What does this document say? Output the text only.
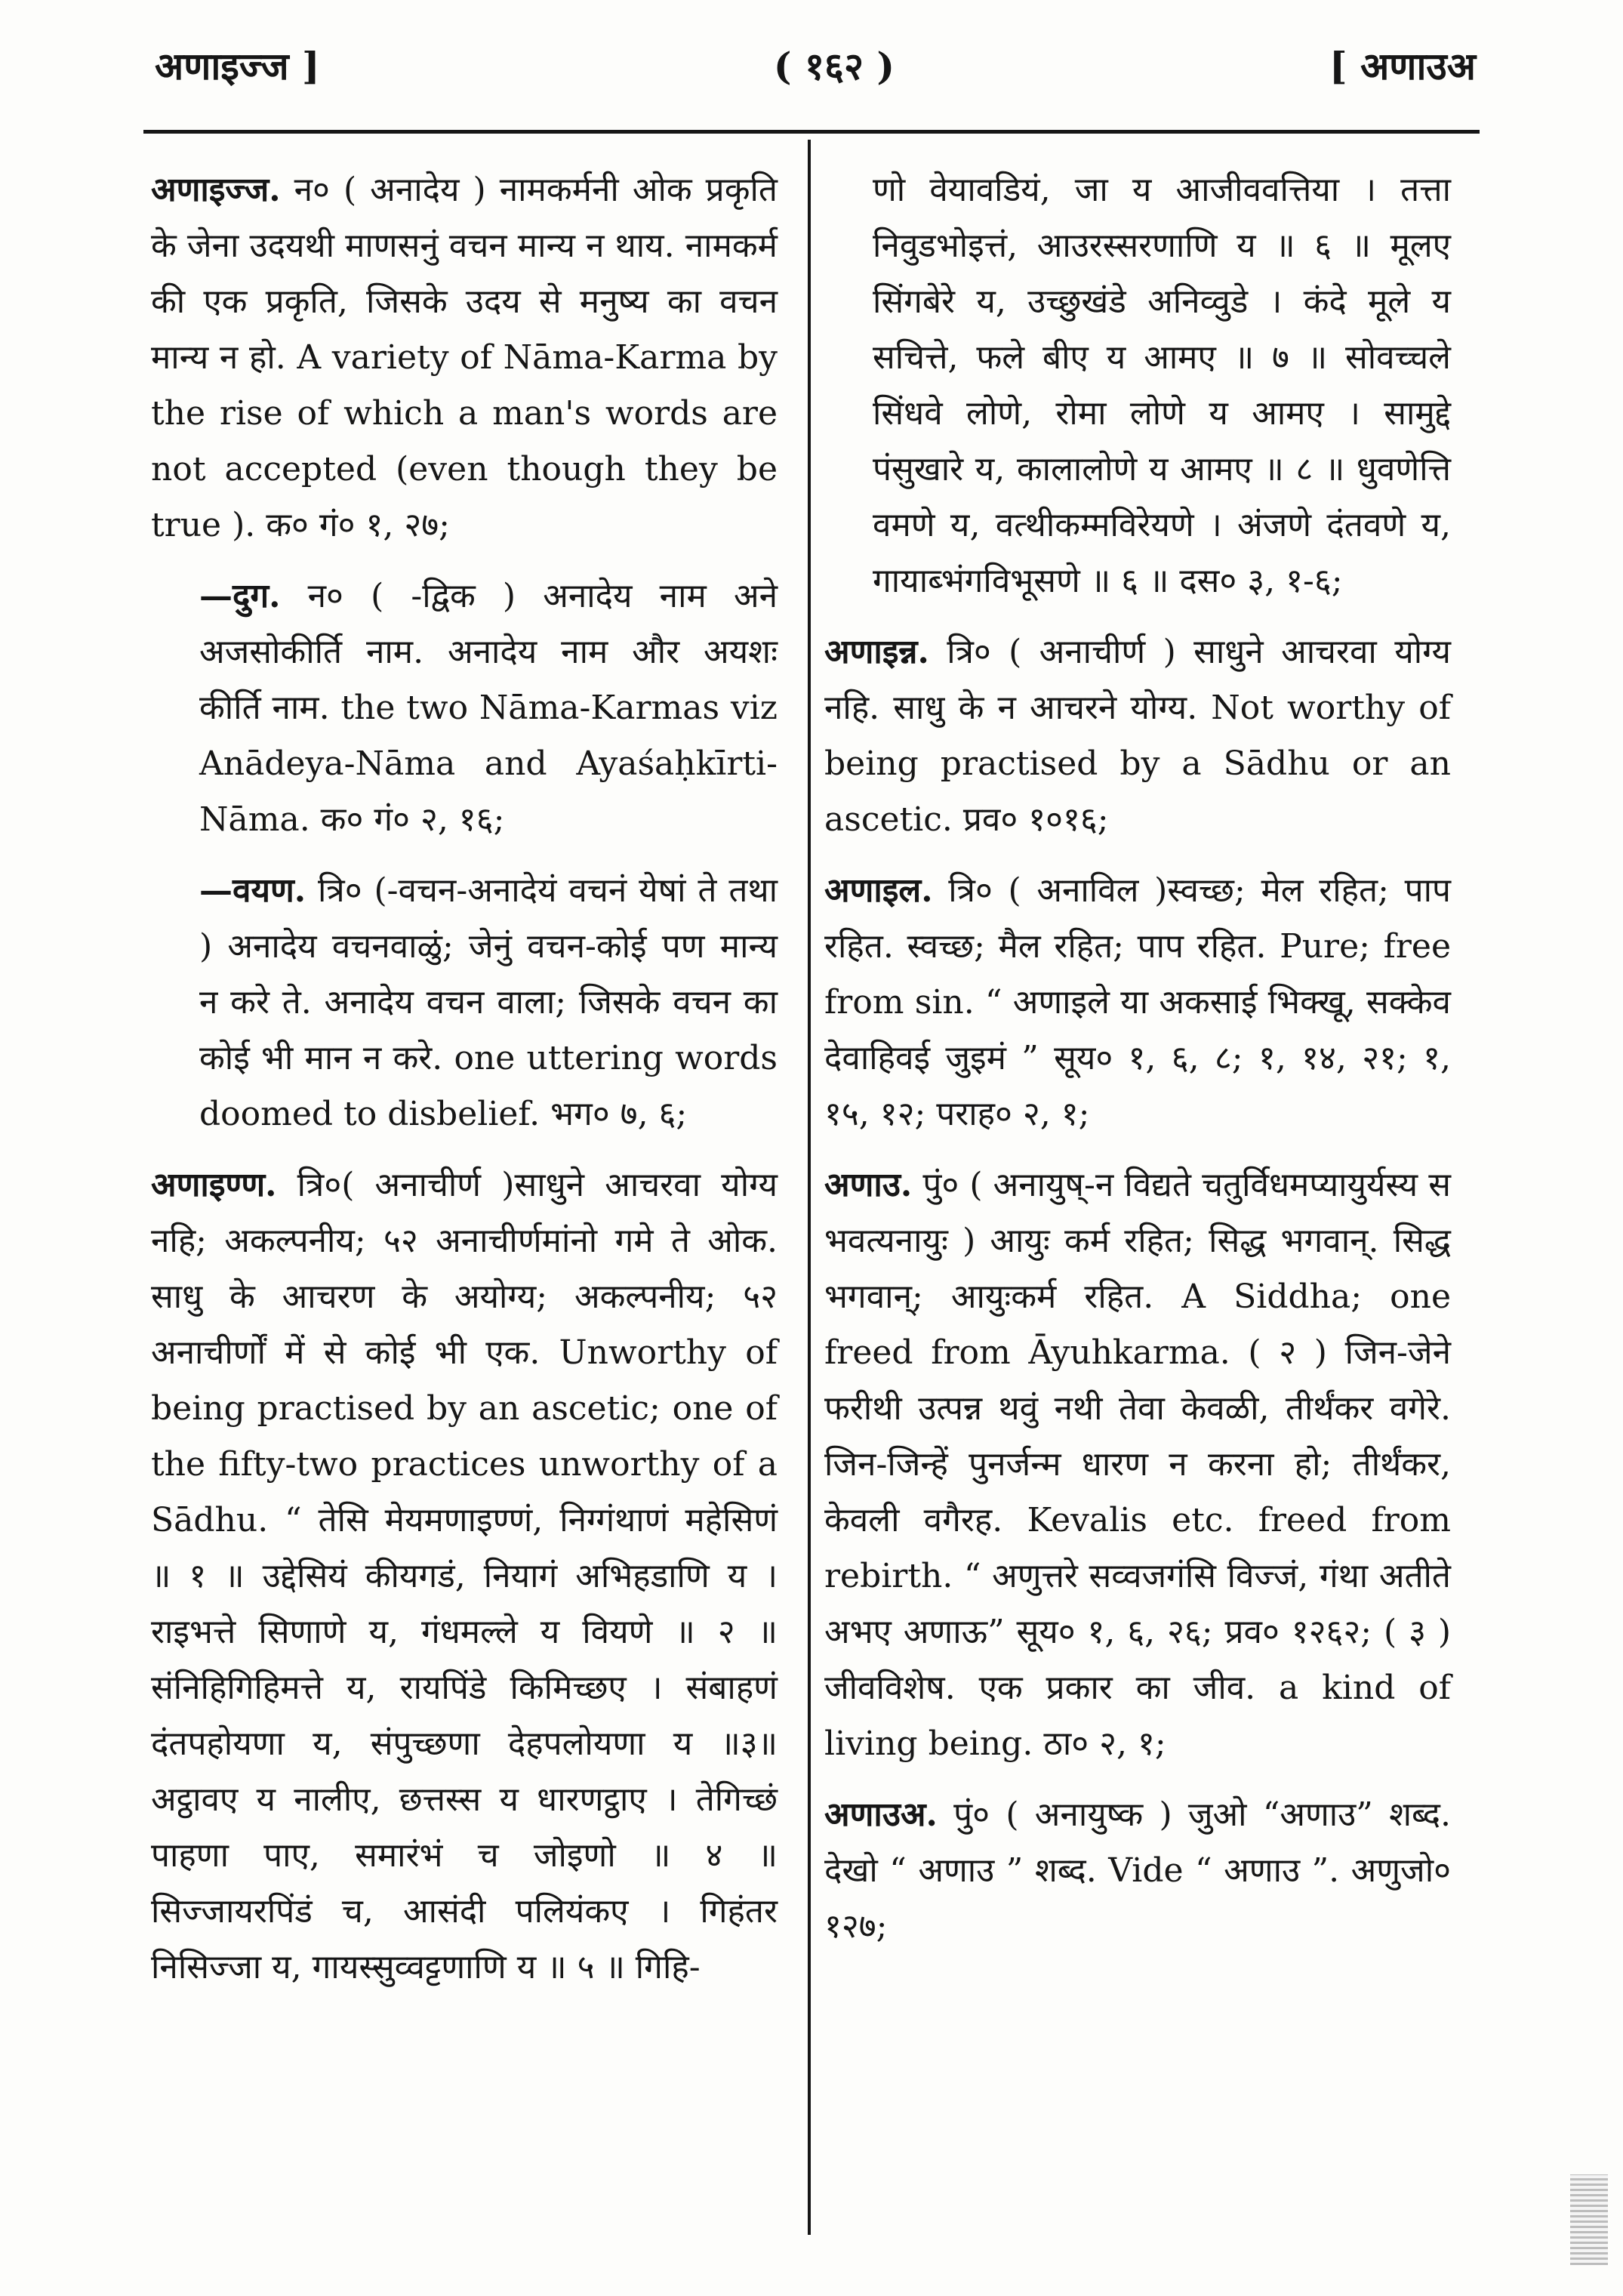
अणाइज्ज ]	( १६२ )	[ अणाउअ

अणाइज्ज. न० ( अनादेय ) नामकर्मनी ओक प्रकृति के जेना उदयथी माणसनुं वचन मान्य न थाय. नामकर्म की एक प्रकृति, जिसके उदय से मनुष्य का वचन मान्य न हो. A variety of Nāma-Karma by the rise of which a man's words are not accepted (even though they be true ). क० गं० १, २७;

—दुग. न० ( -द्विक ) अनादेय नाम अने अजसोकीर्ति नाम. अनादेय नाम और अयशः कीर्ति नाम. the two Nāma-Karmas viz Anādeya-Nāma and Ayaśaḥkīrti-Nāma. क० गं० २, १६;

—वयण. त्रि० (-वचन-अनादेयं वचनं येषां ते तथा ) अनादेय वचनवाळुं; जेनुं वचन-कोई पण मान्य न करे ते. अनादेय वचन वाला; जिसके वचन का कोई भी मान न करे. one uttering words doomed to disbelief. भग० ७, ६;

अणाइण्ण. त्रि०( अनाचीर्ण )साधुने आचरवा योग्य नहि; अकल्पनीय; ५२ अनाचीर्णमांनो गमे ते ओक. साधु के आचरण के अयोग्य; अकल्पनीय; ५२ अनाचीर्णों में से कोई भी एक. Unworthy of being practised by an ascetic; one of the fifty-two practices unworthy of a Sādhu. “ तेसि मेयमणाइण्णं, निग्गंथाणं महेसिणं ॥ १ ॥ उद्देसियं कीयगडं, नियागं अभिहडाणि य । राइभत्ते सिणाणे य, गंधमल्ले य वियणे ॥ २ ॥ संनिहिगिहिमत्ते य, रायपिंडे किमिच्छए । संबाहणं दंतपहोयणा य, संपुच्छणा देहपलोयणा य ॥३॥ अट्ठावए य नालीए, छत्तस्स य धारणट्ठाए । तेगिच्छं पाहणा पाए, समारंभं च जोइणो ॥ ४ ॥ सिज्जायरपिंडं च, आसंदी पलियंकए । गिहंतर निसिज्जा य, गायस्सुव्वट्टणाणि य ॥ ५ ॥ गिहि-

णो वेयावडियं, जा य आजीववत्तिया । तत्ता निवुडभोइत्तं, आउरस्सरणाणि य ॥ ६ ॥ मूलए सिंगबेरे य, उच्छुखंडे अनिव्वुडे । कंदे मूले य सचित्ते, फले बीए य आमए ॥ ७ ॥ सोवच्चले सिंधवे लोणे, रोमा लोणे य आमए । सामुद्दे पंसुखारे य, कालालोणे य आमए ॥ ८ ॥ धुवणेत्ति वमणे य, वत्थीकम्मविरेयणे । अंजणे दंतवणे य, गायाब्भंगविभूसणे ॥ ६ ॥ दस० ३, १-६;

अणाइन्न. त्रि० ( अनाचीर्ण ) साधुने आचरवा योग्य नहि. साधु के न आचरने योग्य. Not worthy of being practised by a Sādhu or an ascetic. प्रव० १०१६;

अणाइल. त्रि० ( अनाविल )स्वच्छ; मेल रहित; पाप रहित. स्वच्छ; मैल रहित; पाप रहित. Pure; free from sin. “ अणाइले या अकसाई भिक्खू, सक्केव देवाहिवई जुइमं ” सूय० १, ६, ८; १, १४, २१; १, १५, १२; पराह० २, १;

अणाउ. पुं० ( अनायुष्-न विद्यते चतुर्विधमप्यायुर्यस्य स भवत्यनायुः ) आयुः कर्म रहित; सिद्ध भगवान्. सिद्ध भगवान्; आयुःकर्म रहित. A Siddha; one freed from Āyuhkarma. ( २ ) जिन-जेने फरीथी उत्पन्न थवुं नथी तेवा केवळी, तीर्थंकर वगेरे. जिन-जिन्हें पुनर्जन्म धारण न करना हो; तीर्थंकर, केवली वगैरह. Kevalis etc. freed from rebirth. “ अणुत्तरे सव्वजगंसि विज्जं, गंथा अतीते अभए अणाऊ” सूय० १, ६, २६; प्रव० १२६२; ( ३ ) जीवविशेष. एक प्रकार का जीव. a kind of living being. ठा० २, १;

अणाउअ. पुं० ( अनायुष्क ) जुओ “अणाउ” शब्द. देखो “ अणाउ ” शब्द. Vide “ अणाउ ”. अणुजो० १२७;
